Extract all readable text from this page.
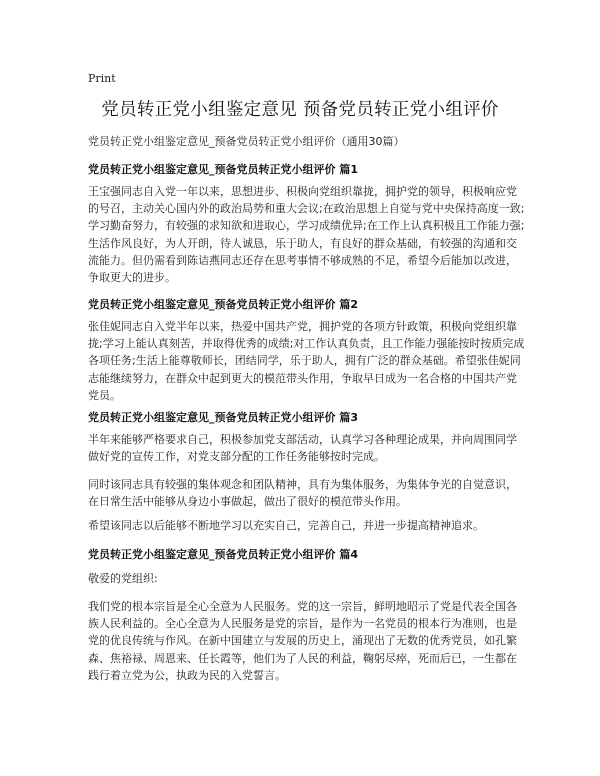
Print
党员转正党小组鉴定意见 预备党员转正党小组评价
党员转正党小组鉴定意见_预备党员转正党小组评价（通用30篇）
党员转正党小组鉴定意见_预备党员转正党小组评价 篇1

王宝强同志自入党一年以来，思想进步、积极向党组织靠拢，拥护党的领导，积极响应党的号召，主动关心国内外的政治局势和重大会议;在政治思想上自觉与党中央保持高度一致;学习勤奋努力，有较强的求知欲和进取心，学习成绩优异;在工作上认真积极且工作能力强;生活作风良好，为人开朗，待人诚恳，乐于助人，有良好的群众基础，有较强的沟通和交流能力。但仍需看到陈诘燕同志还存在思考事情不够成熟的不足，希望今后能加以改进，争取更大的进步。

党员转正党小组鉴定意见_预备党员转正党小组评价 篇2

张佳妮同志自入党半年以来，热爱中国共产党，拥护党的各项方针政策，积极向党组织靠拢;学习上能认真刻苦，并取得优秀的成绩;对工作认真负责，且工作能力强能按时按质完成各项任务;生活上能尊敬师长，团结同学，乐于助人，拥有广泛的群众基础。希望张佳妮同志能继续努力，在群众中起到更大的模范带头作用，争取早日成为一名合格的中国共产党党员。

党员转正党小组鉴定意见_预备党员转正党小组评价 篇3

半年来能够严格要求自己，积极参加党支部活动，认真学习各种理论成果，并向周围同学做好党的宣传工作，对党支部分配的工作任务能够按时完成。

同时该同志具有较强的集体观念和团队精神，具有为集体服务，为集体争光的自觉意识，在日常生活中能够从身边小事做起，做出了很好的模范带头作用。

希望该同志以后能够不断地学习以充实自己，完善自己，并进一步提高精神追求。

党员转正党小组鉴定意见_预备党员转正党小组评价 篇4

敬爱的党组织:

我们党的根本宗旨是全心全意为人民服务。党的这一宗旨，鲜明地昭示了党是代表全国各族人民利益的。全心全意为人民服务是党的宗旨，是作为一名党员的根本行为准则，也是党的优良传统与作风。在新中国建立与发展的历史上，涌现出了无数的优秀党员，如孔繁森、焦裕禄、周恩来、任长霞等，他们为了人民的利益，鞠躬尽瘁，死而后已，一生都在践行着立党为公，执政为民的入党誓言。
